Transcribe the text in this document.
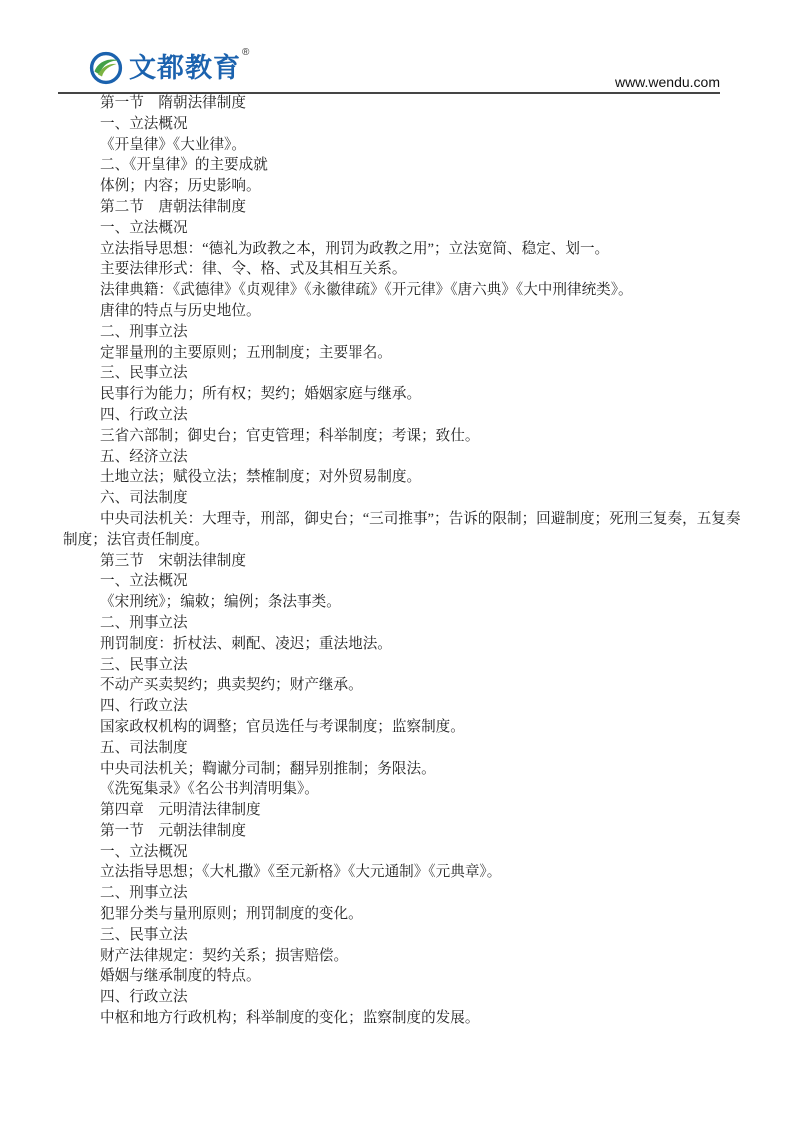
文都教育
®
www.wendu.com
第一节　隋朝法律制度
一、立法概况
《开皇律》《大业律》。
二、《开皇律》的主要成就
体例；内容；历史影响。
第二节　唐朝法律制度
一、立法概况
立法指导思想：“德礼为政教之本，刑罚为政教之用”；立法宽简、稳定、划一。
主要法律形式：律、令、格、式及其相互关系。
法律典籍：《武德律》《贞观律》《永徽律疏》《开元律》《唐六典》《大中刑律统类》。
唐律的特点与历史地位。
二、刑事立法
定罪量刑的主要原则；五刑制度；主要罪名。
三、民事立法
民事行为能力；所有权；契约；婚姻家庭与继承。
四、行政立法
三省六部制；御史台；官吏管理；科举制度；考课；致仕。
五、经济立法
土地立法；赋役立法；禁榷制度；对外贸易制度。
六、司法制度
中央司法机关：大理寺，刑部，御史台；“三司推事”；告诉的限制；回避制度；死刑三复奏，五复奏
制度；法官责任制度。
第三节　宋朝法律制度
一、立法概况
《宋刑统》；编敕；编例；条法事类。
二、刑事立法
刑罚制度：折杖法、刺配、凌迟；重法地法。
三、民事立法
不动产买卖契约；典卖契约；财产继承。
四、行政立法
国家政权机构的调整；官员选任与考课制度；监察制度。
五、司法制度
中央司法机关；鞫谳分司制；翻异别推制；务限法。
《洗冤集录》《名公书判清明集》。
第四章　元明清法律制度
第一节　元朝法律制度
一、立法概况
立法指导思想；《大札撒》《至元新格》《大元通制》《元典章》。
二、刑事立法
犯罪分类与量刑原则；刑罚制度的变化。
三、民事立法
财产法律规定：契约关系；损害赔偿。
婚姻与继承制度的特点。
四、行政立法
中枢和地方行政机构；科举制度的变化；监察制度的发展。
